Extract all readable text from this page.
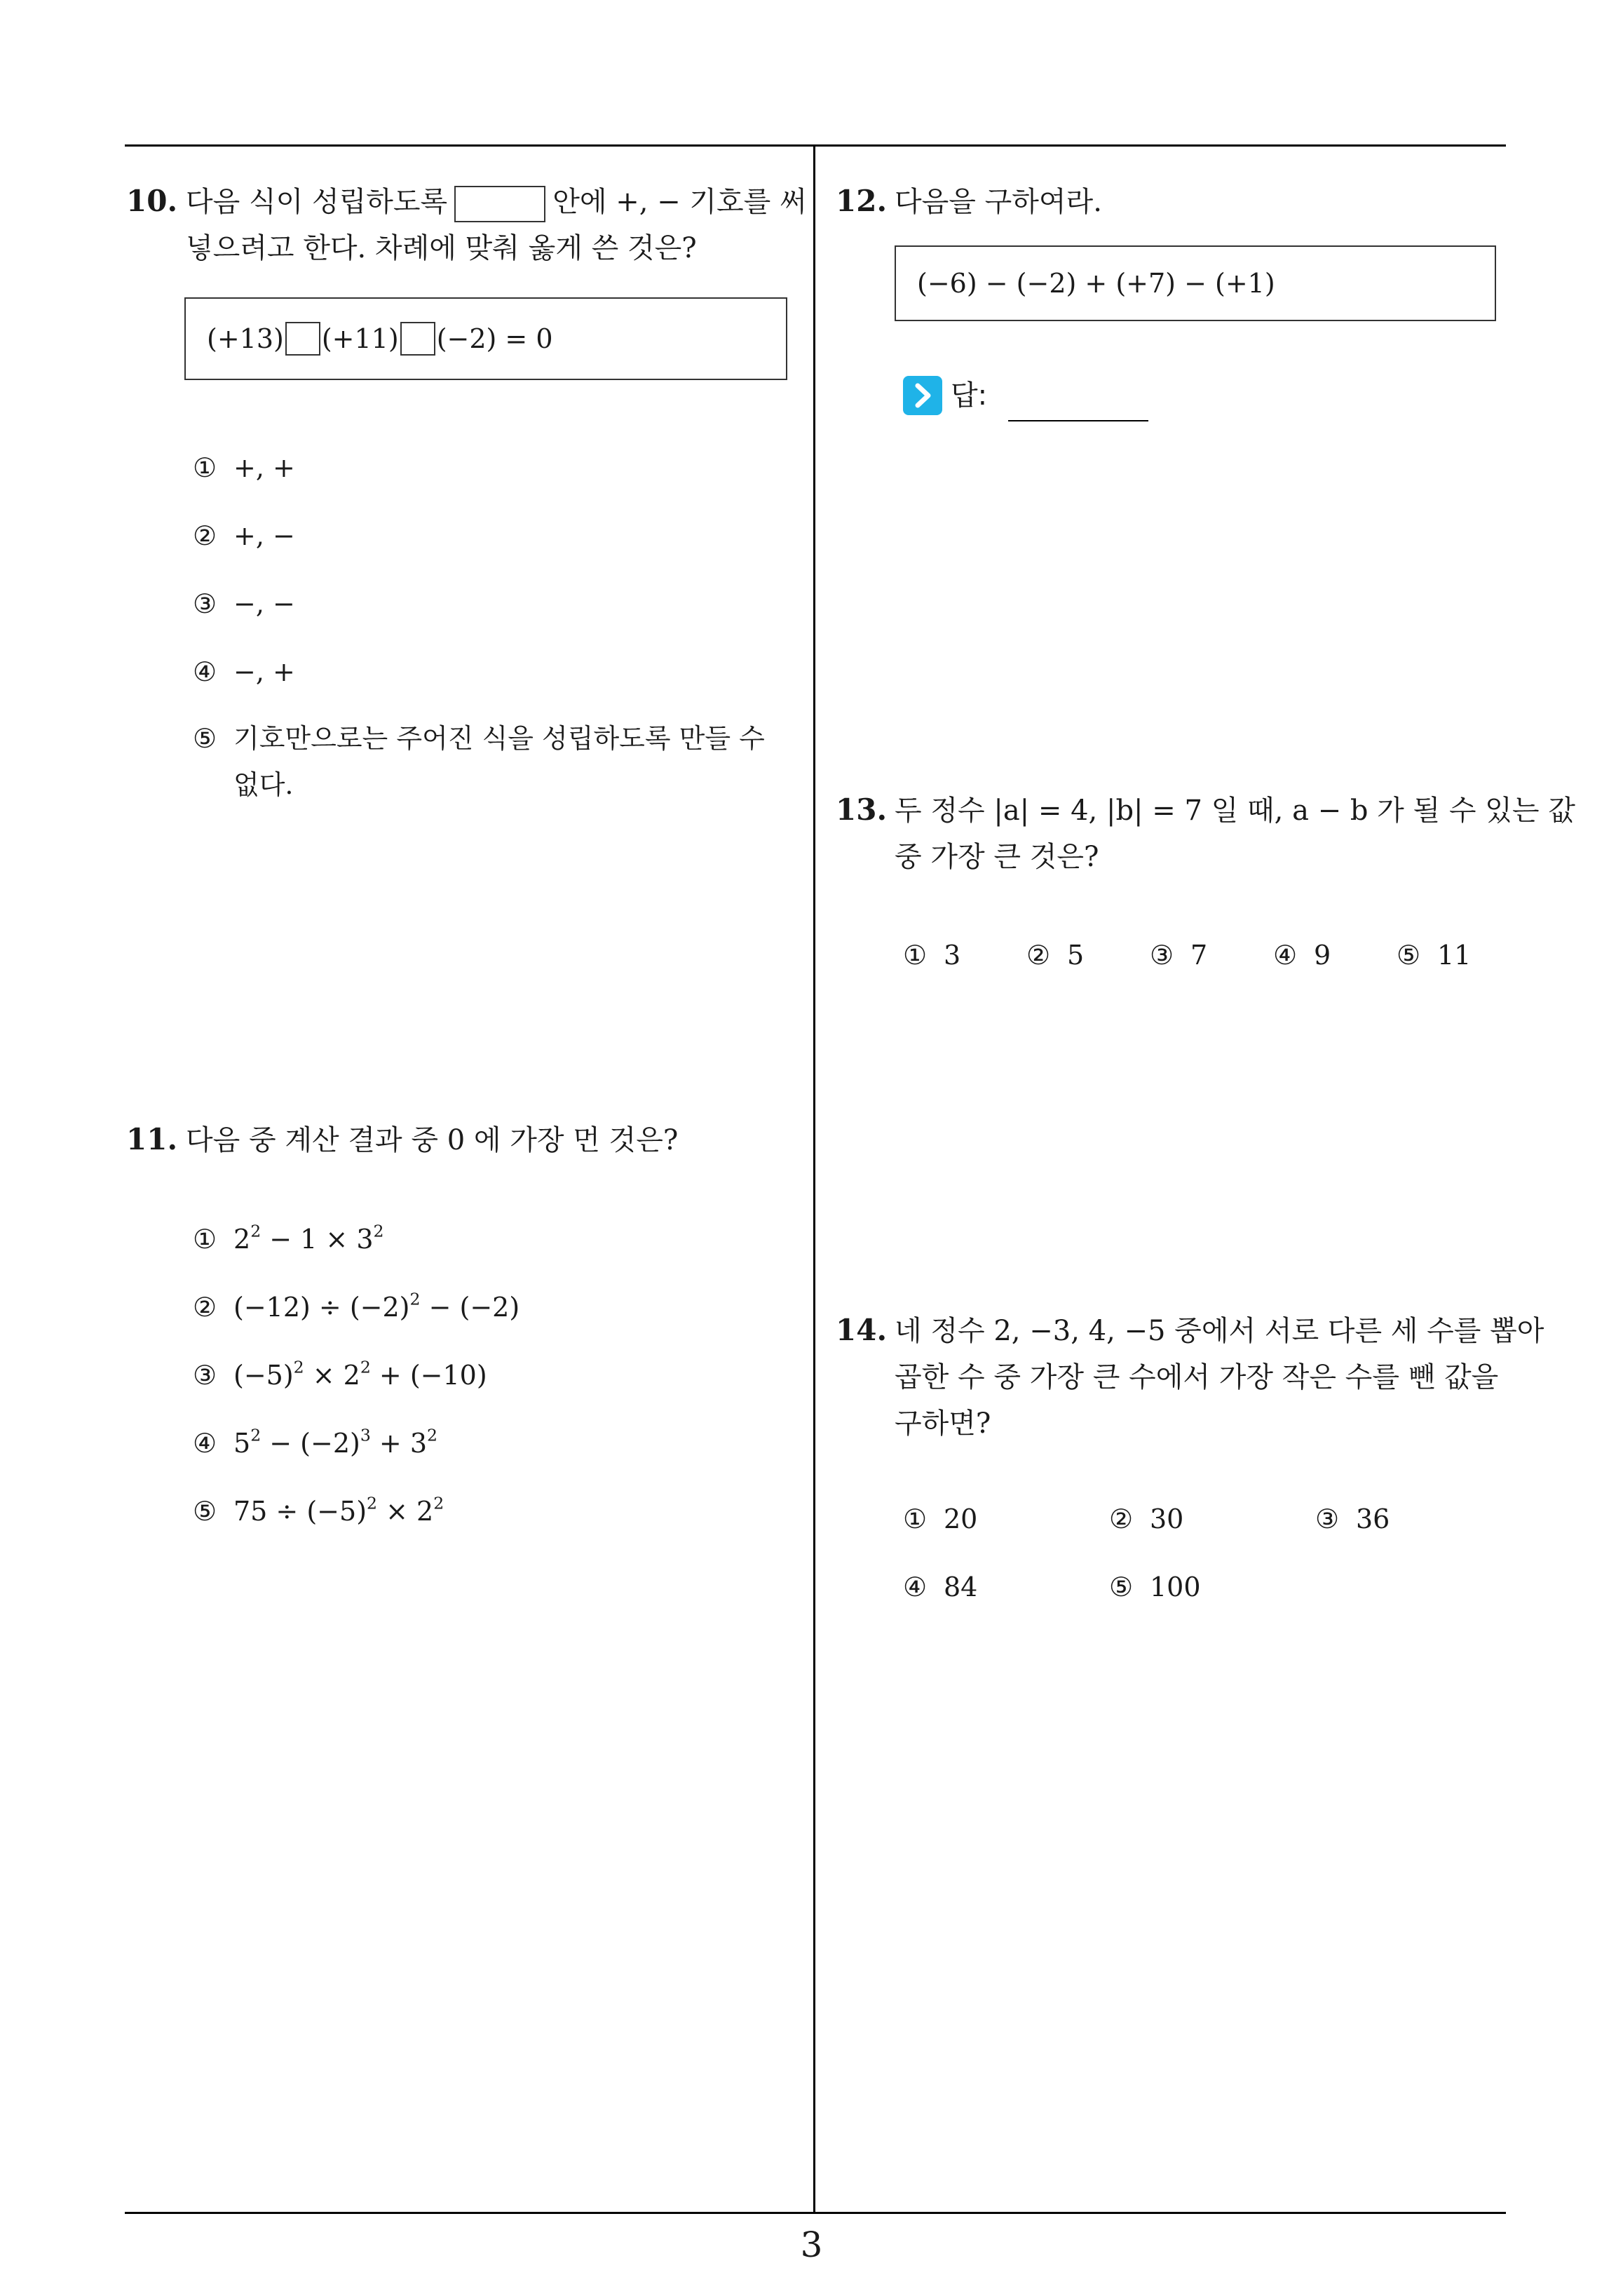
10. 다음 식이 성립하도록	안에 +, − 기호를 써
넣으려고 한다. 차례에 맞춰 옳게 쓴 것은?
(+13) (+11) (−2) = 0
① +, +
② +, −
③ −, −
④ −, +
⑤ 기호만으로는 주어진 식을 성립하도록 만들 수
없다.
11. 다음 중 계산 결과 중 0 에 가장 먼 것은?
① $2^2 - 1 \times 3^2$
② $(-12) \div (-2)^2 - (-2)$
③ $(-5)^2 \times 2^2 + (-10)$
④ $5^2 - (-2)^3 + 3^2$
⑤ $75 \div (-5)^2 \times 2^2$
12. 다음을 구하여라.
(−6) − (−2) + (+7) − (+1)
답:
13. 두 정수 |a| = 4, |b| = 7 일 때, a − b 가 될 수 있는 값
중 가장 큰 것은?
① 3 ② 5 ③ 7 ④ 9 ⑤ 11
14. 네 정수 2, −3, 4, −5 중에서 서로 다른 세 수를 뽑아
곱한 수 중 가장 큰 수에서 가장 작은 수를 뺀 값을
구하면?
① 20	② 30	③ 36
④ 84	⑤ 100
3
